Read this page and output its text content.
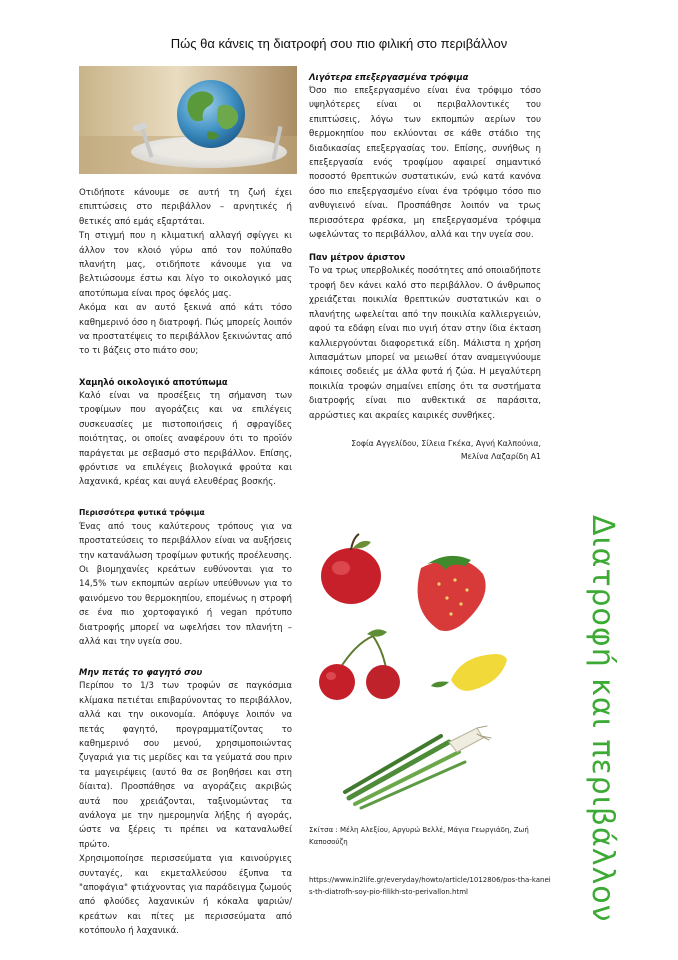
Πώς θα κάνεις τη διατροφή σου πιο φιλική στο περιβάλλον

Οτιδήποτε κάνουμε σε αυτή τη ζωή έχει επιπτώσεις στο περιβάλλον – αρνητικές ή θετικές από εμάς εξαρτάται.

Τη στιγμή που η κλιματική αλλαγή σφίγγει κι άλλον τον κλοιό γύρω από τον πολύπαθο πλανήτη μας, οτιδήποτε κάνουμε για να βελτιώσουμε έστω και λίγο το οικολογικό μας αποτύπωμα είναι προς όφελός μας.

Ακόμα και αν αυτό ξεκινά από κάτι τόσο καθημερινό όσο η διατροφή. Πώς μπορείς λοιπόν να προστατέψεις το περιβάλλον ξεκινώντας από το τι βάζεις στο πιάτο σου;

Χαμηλό οικολογικό αποτύπωμα

Καλό είναι να προσέξεις τη σήμανση των τροφίμων που αγοράζεις και να επιλέγεις συσκευασίες με πιστοποιήσεις ή σφραγίδες ποιότητας, οι οποίες αναφέρουν ότι το προϊόν παράγεται με σεβασμό στο περιβάλλον. Επίσης, φρόντισε να επιλέγεις βιολογικά φρούτα και λαχανικά, κρέας και αυγά ελευθέρας βοσκής.

Περισσότερα φυτικά τρόφιμα

Ένας από τους καλύτερους τρόπους για να προστατεύσεις το περιβάλλον είναι να αυξήσεις την κατανάλωση τροφίμων φυτικής προέλευσης. Οι βιομηχανίες κρεάτων ευθύνονται για το 14,5% των εκπομπών αερίων υπεύθυνων για το φαινόμενο του θερμοκηπίου, επομένως η στροφή σε ένα πιο χορτοφαγικό ή vegan πρότυπο διατροφής μπορεί να ωφελήσει τον πλανήτη – αλλά και την υγεία σου.

Μην πετάς το φαγητό σου

Περίπου το 1/3 των τροφών σε παγκόσμια κλίμακα πετιέται επιβαρύνοντας το περιβάλλον, αλλά και την οικονομία. Απόφυγε λοιπόν να πετάς φαγητό, προγραμματίζοντας το καθημερινό σου μενού, χρησιμοποιώντας ζυγαριά για τις μερίδες και τα γεύματά σου πριν τα μαγειρέψεις (αυτό θα σε βοηθήσει και στη δίαιτα). Προσπάθησε να αγοράζεις ακριβώς αυτά που χρειάζονται, ταξινομώντας τα ανάλογα με την ημερομηνία λήξης ή αγοράς, ώστε να ξέρεις τι πρέπει να καταναλωθεί πρώτο.

Χρησιμοποίησε περισσεύματα για καινούργιες συνταγές, και εκμεταλλεύσου έξυπνα τα "αποφάγια" φτιάχνοντας για παράδειγμα ζωμούς από φλούδες λαχανικών ή κόκαλα ψαριών/κρεάτων και πίτες με περισσεύματα από κοτόπουλο ή λαχανικά.

Λιγότερα επεξεργασμένα τρόφιμα

Όσο πιο επεξεργασμένο είναι ένα τρόφιμο τόσο υψηλότερες είναι οι περιβαλλοντικές του επιπτώσεις, λόγω των εκπομπών αερίων του θερμοκηπίου που εκλύονται σε κάθε στάδιο της διαδικασίας επεξεργασίας του. Επίσης, συνήθως η επεξεργασία ενός τροφίμου αφαιρεί σημαντικό ποσοστό θρεπτικών συστατικών, ενώ κατά κανόνα όσο πιο επεξεργασμένο είναι ένα τρόφιμο τόσο πιο ανθυγιεινό είναι. Προσπάθησε λοιπόν να τρως περισσότερα φρέσκα, μη επεξεργασμένα τρόφιμα ωφελώντας το περιβάλλον, αλλά και την υγεία σου.

Παν μέτρον άριστον

Το να τρως υπερβολικές ποσότητες από οποιαδήποτε τροφή δεν κάνει καλό στο περιβάλλον. Ο άνθρωπος χρειάζεται ποικιλία θρεπτικών συστατικών και ο πλανήτης ωφελείται από την ποικιλία καλλιεργειών, αφού τα εδάφη είναι πιο υγιή όταν στην ίδια έκταση καλλιεργούνται διαφορετικά είδη. Μάλιστα η χρήση λιπασμάτων μπορεί να μειωθεί όταν αναμειγνύουμε κάποιες σοδειές με άλλα φυτά ή ζώα. Η μεγαλύτερη ποικιλία τροφών σημαίνει επίσης ότι τα συστήματα διατροφής είναι πιο ανθεκτικά σε παράσιτα, αρρώστιες και ακραίες καιρικές συνθήκες.

Σοφία Αγγελίδου, Σίλεια Γκέκα, Αγνή Καλπούνια,
Μελίνα Λαζαρίδη Α1
Σκίτσα : Μέλη Αλεξίου, Αργυρώ Βελλέ, Μάγια Γεωργιάδη, Ζωή Καποσούζη
https://www.in2life.gr/everyday/howto/article/1012806/pos-tha-kaneis-th-diatrofh-soy-pio-filikh-sto-perivallon.html	Διατροφή και περιβάλλον
